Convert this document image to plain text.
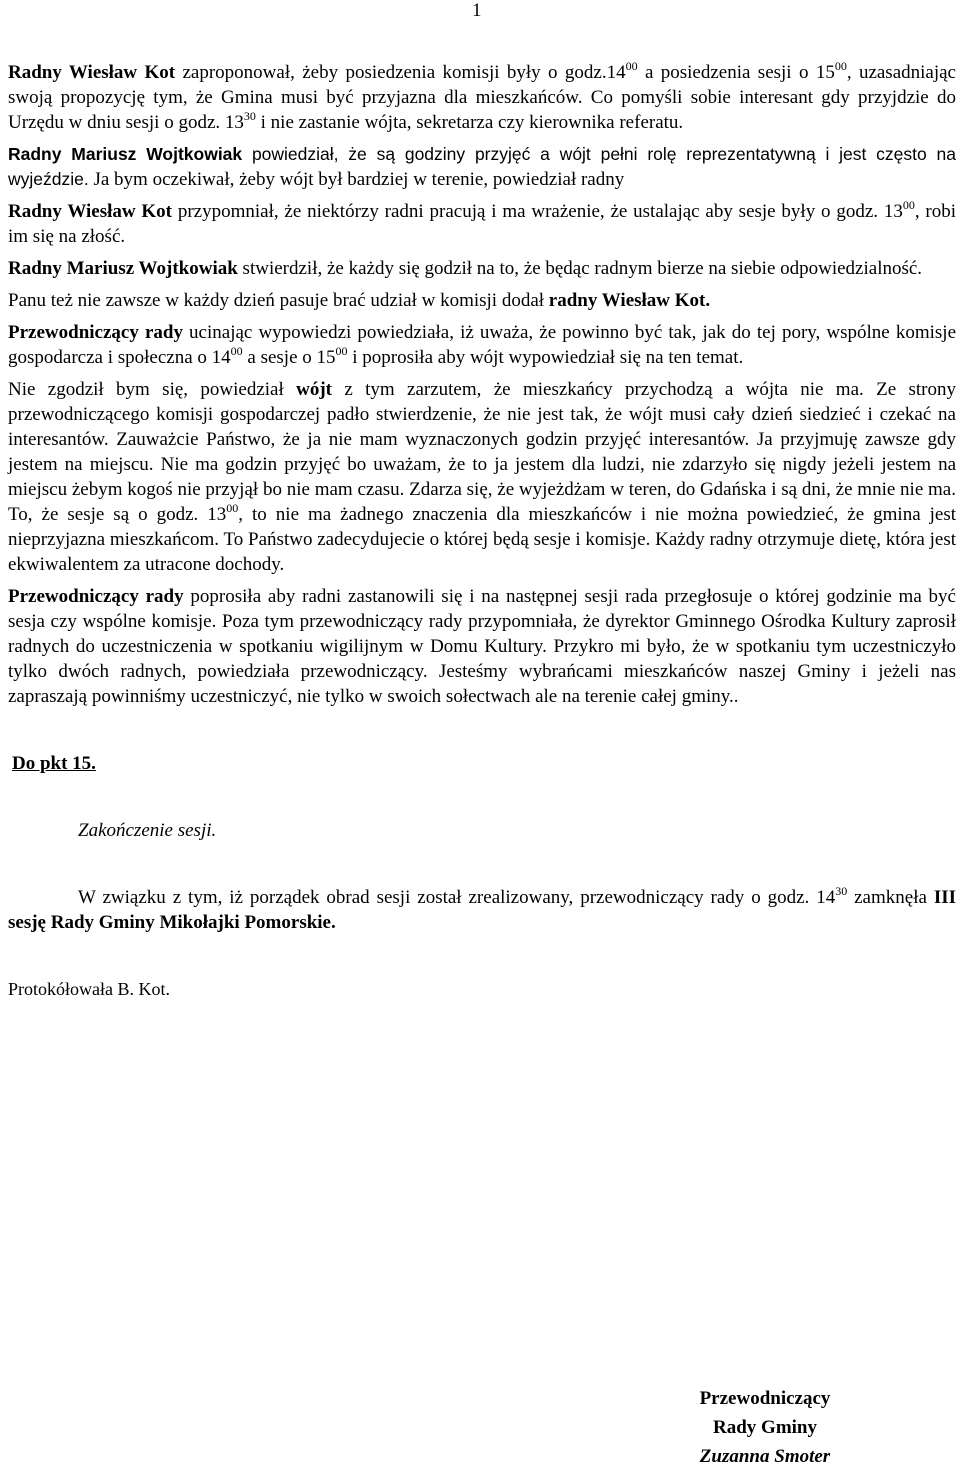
1

Radny Wiesław Kot zaproponował, żeby posiedzenia komisji były o $godz.14^{00}$ a posiedzenia sesji o $15^{00}$, uzasadniając swoją propozycję tym, że Gmina musi być przyjazna dla mieszkańców. Co pomyśli sobie interesant gdy przyjdzie do Urzędu w dniu sesji o godz. $13^{30}$ i nie zastanie wójta, sekretarza czy kierownika referatu.

Radny Mariusz Wojtkowiak powiedział, że są godziny przyjęć a wójt pełni rolę reprezentatywną i jest często na wyjeździe. Ja bym oczekiwał, żeby wójt był bardziej w terenie, powiedział radny

Radny Wiesław Kot przypomniał, że niektórzy radni pracują i ma wrażenie, że ustalając aby sesje były o godz. $13^{00}$, robi im się na złość.

Radny Mariusz Wojtkowiak stwierdził, że każdy się godził na to, że będąc radnym bierze na siebie odpowiedzialność.

Panu też nie zawsze w każdy dzień pasuje brać udział w komisji dodał radny Wiesław Kot.

Przewodniczący rady ucinając wypowiedzi powiedziała, iż uważa, że powinno być tak, jak do tej pory, wspólne komisje gospodarcza i społeczna o $14^{00}$ a sesje o $15^{00}$ i poprosiła aby wójt wypowiedział się na ten temat.

Nie zgodził bym się, powiedział wójt z tym zarzutem, że mieszkańcy przychodzą a wójta nie ma. Ze strony przewodniczącego komisji gospodarczej padło stwierdzenie, że nie jest tak, że wójt musi cały dzień siedzieć i czekać na interesantów. Zauważcie Państwo, że ja nie mam wyznaczonych godzin przyjęć interesantów. Ja przyjmuję zawsze gdy jestem na miejscu. Nie ma godzin przyjęć bo uważam, że to ja jestem dla ludzi, nie zdarzyło się nigdy jeżeli jestem na miejscu żebym kogoś nie przyjął bo nie mam czasu. Zdarza się, że wyjeżdżam w teren, do Gdańska i są dni, że mnie nie ma. To, że sesje są o godz. $13^{00}$, to nie ma żadnego znaczenia dla mieszkańców i nie można powiedzieć, że gmina jest nieprzyjazna mieszkańcom. To Państwo zadecydujecie o której będą sesje i komisje. Każdy radny otrzymuje dietę, która jest ekwiwalentem za utracone dochody.

Przewodniczący rady poprosiła aby radni zastanowili się i na następnej sesji rada przegłosuje o której godzinie ma być sesja czy wspólne komisje. Poza tym przewodniczący rady przypomniała, że dyrektor Gminnego Ośrodka Kultury zaprosił radnych do uczestniczenia w spotkaniu wigilijnym w Domu Kultury. Przykro mi było, że w spotkaniu tym uczestniczyło tylko dwóch radnych, powiedziała przewodniczący. Jesteśmy wybrańcami mieszkańców naszej Gminy i jeżeli nas zapraszają powinniśmy uczestniczyć, nie tylko w swoich sołectwach ale na terenie całej gminy..

Do pkt 15.

Zakończenie sesji.

W związku z tym, iż porządek obrad sesji został zrealizowany, przewodniczący rady o godz. $14^{30}$ zamknęła III sesję Rady Gminy Mikołajki Pomorskie.

Protokółowała B. Kot.

Przewodniczący
Rady Gminy
Zuzanna Smoter
